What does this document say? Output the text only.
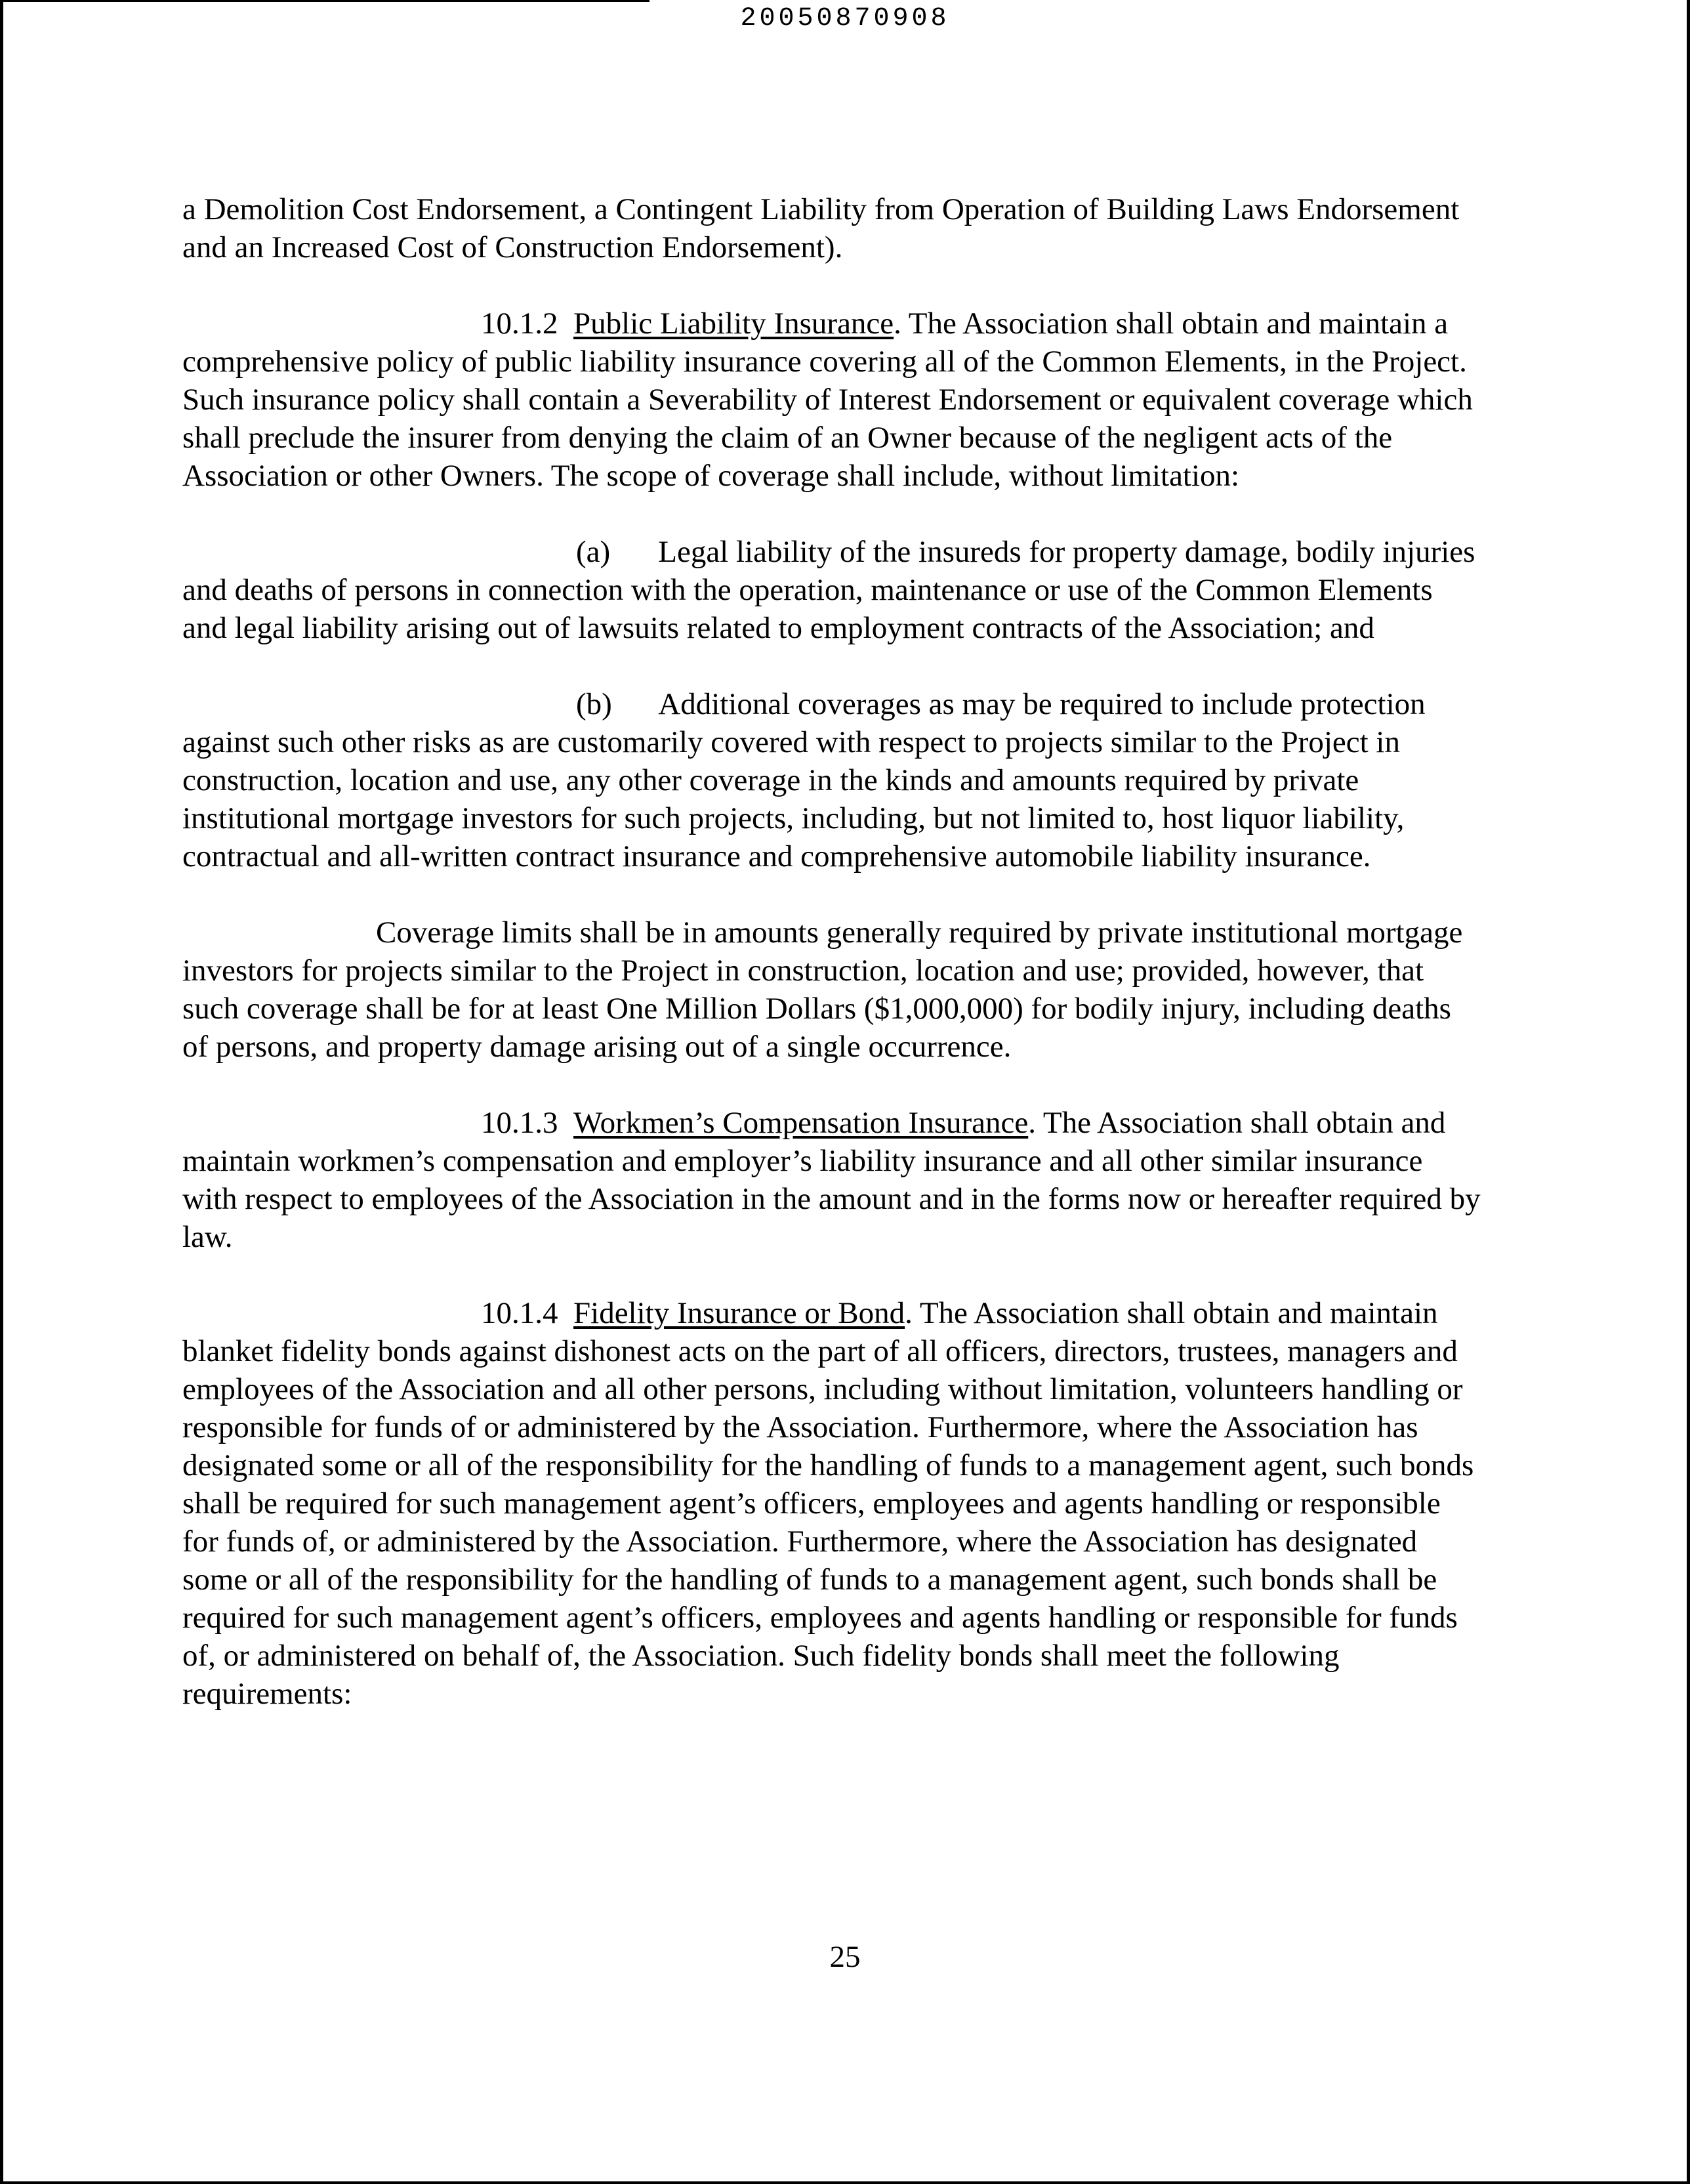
20050870908

a Demolition Cost Endorsement, a Contingent Liability from Operation of Building Laws Endorsement and an Increased Cost of Construction Endorsement).

10.1.2 Public Liability Insurance. The Association shall obtain and maintain a comprehensive policy of public liability insurance covering all of the Common Elements, in the Project. Such insurance policy shall contain a Severability of Interest Endorsement or equivalent coverage which shall preclude the insurer from denying the claim of an Owner because of the negligent acts of the Association or other Owners. The scope of coverage shall include, without limitation:

(a) Legal liability of the insureds for property damage, bodily injuries and deaths of persons in connection with the operation, maintenance or use of the Common Elements and legal liability arising out of lawsuits related to employment contracts of the Association; and

(b) Additional coverages as may be required to include protection against such other risks as are customarily covered with respect to projects similar to the Project in construction, location and use, any other coverage in the kinds and amounts required by private institutional mortgage investors for such projects, including, but not limited to, host liquor liability, contractual and all-written contract insurance and comprehensive automobile liability insurance.

Coverage limits shall be in amounts generally required by private institutional mortgage investors for projects similar to the Project in construction, location and use; provided, however, that such coverage shall be for at least One Million Dollars ($1,000,000) for bodily injury, including deaths of persons, and property damage arising out of a single occurrence.

10.1.3 Workmen’s Compensation Insurance. The Association shall obtain and maintain workmen’s compensation and employer’s liability insurance and all other similar insurance with respect to employees of the Association in the amount and in the forms now or hereafter required by law.

10.1.4 Fidelity Insurance or Bond. The Association shall obtain and maintain blanket fidelity bonds against dishonest acts on the part of all officers, directors, trustees, managers and employees of the Association and all other persons, including without limitation, volunteers handling or responsible for funds of or administered by the Association. Furthermore, where the Association has designated some or all of the responsibility for the handling of funds to a management agent, such bonds shall be required for such management agent’s officers, employees and agents handling or responsible for funds of, or administered by the Association. Furthermore, where the Association has designated some or all of the responsibility for the handling of funds to a management agent, such bonds shall be required for such management agent’s officers, employees and agents handling or responsible for funds of, or administered on behalf of, the Association. Such fidelity bonds shall meet the following requirements:

25
